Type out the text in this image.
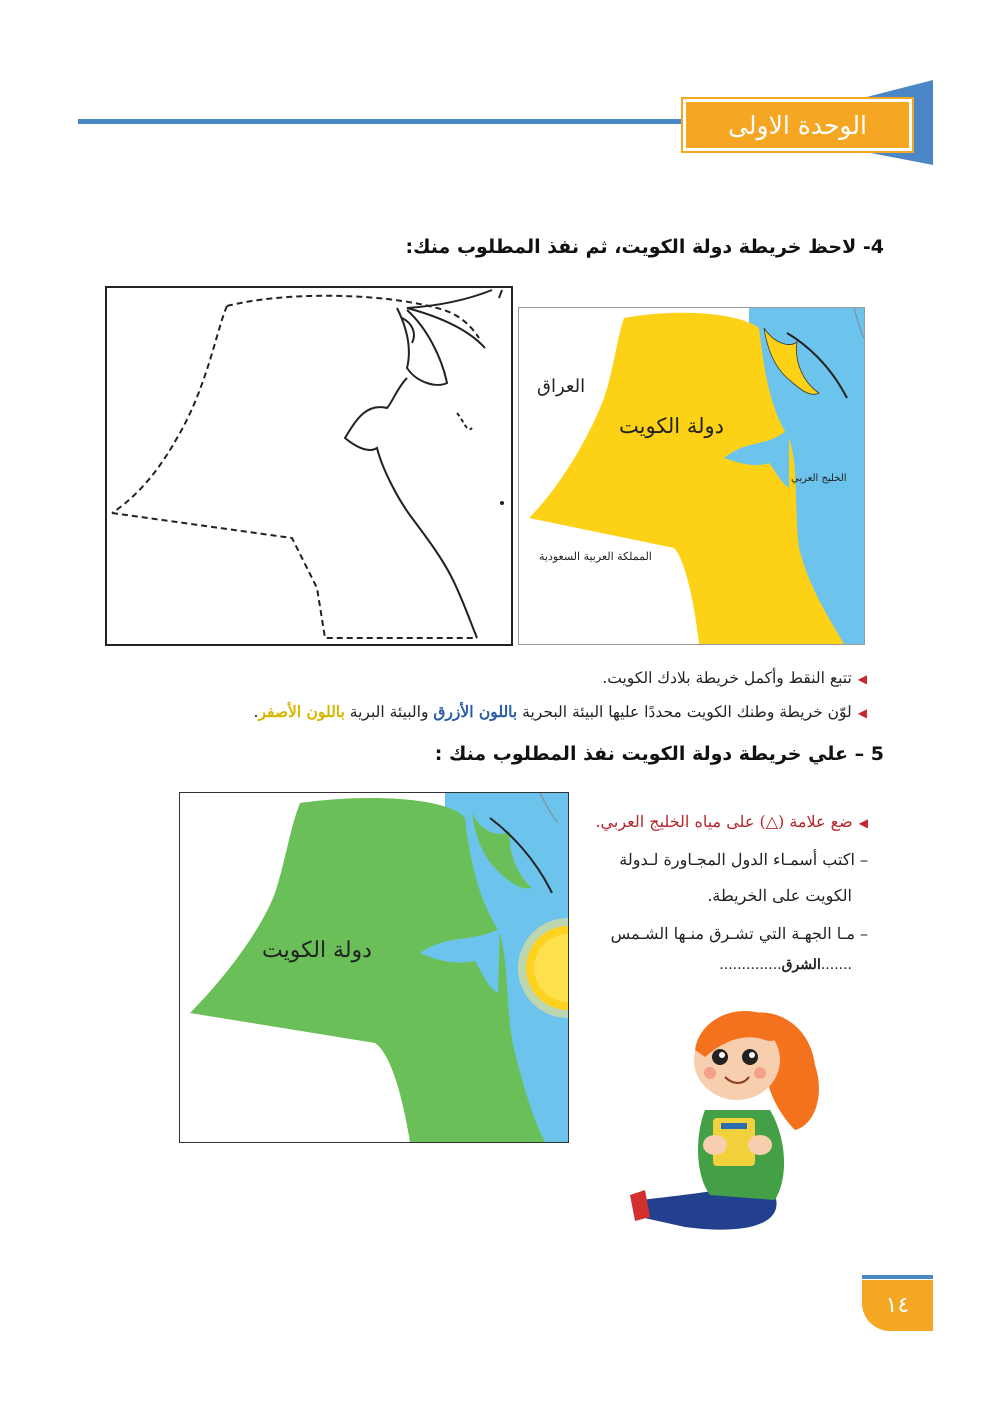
الوحدة الاولى
4- لاحظ خريطة دولة الكويت، ثم نفذ المطلوب منك:
العراق
دولة الكويت
الخليج العربي
المملكة العربية السعودية
◀تتبع النقط وأكمل خريطة بلادك الكويت.
◀لوّن خريطة وطنك الكويت محددًا عليها البيئة البحرية باللون الأزرق والبيئة البرية باللون الأصفر.
5 – علي خريطة دولة الكويت نفذ المطلوب منك :
دولة الكويت
◀ضع علامة (△) على مياه الخليج العربي.
– اكتب أسمـاء الدول المجـاورة لـدولة
الكويت على الخريطة.
– مـا الجهـة التي تشـرق منـها الشـمس
.......الشرق..............
١٤
